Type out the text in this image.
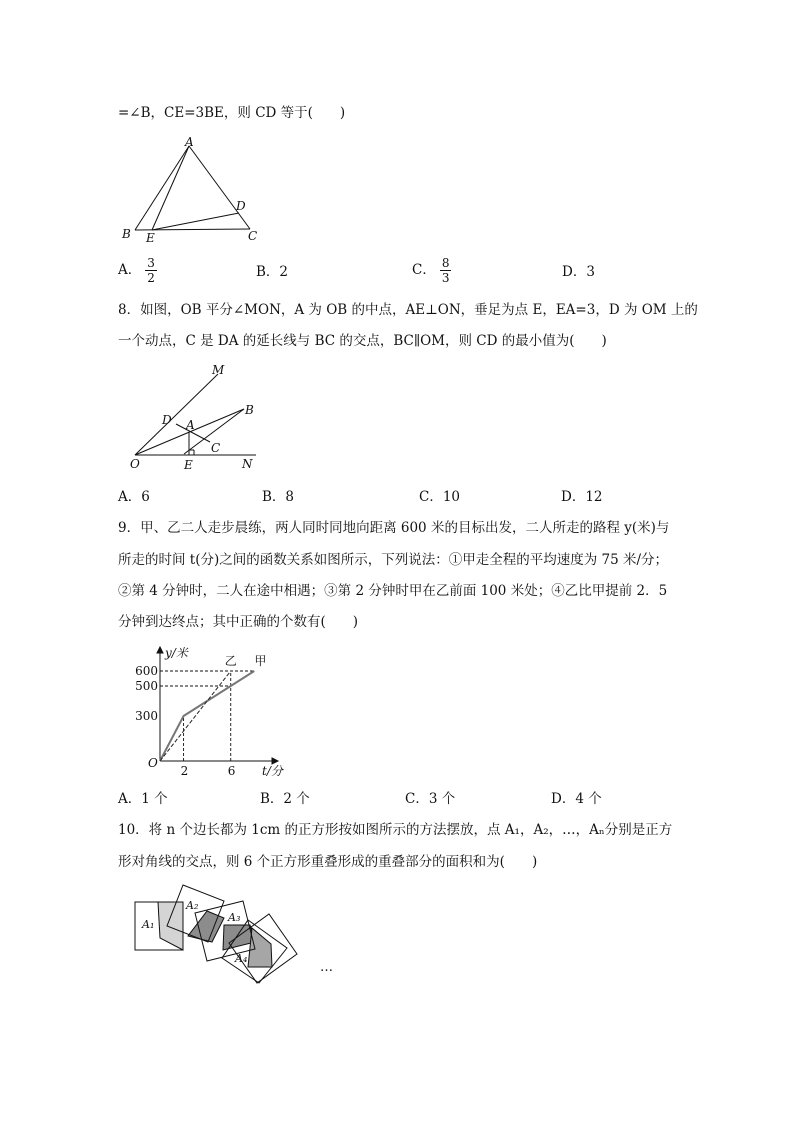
=∠B，CE=3BE，则 CD 等于(　　)
A
B	C
D
E
A． $\frac{3}{2}$	B．2	C． $\frac{8}{3}$	D．3
8．如图，OB 平分∠MON，A 为 OB 的中点，AE⊥ON，垂足为点 E，EA=3，D 为 OM 上的
一个动点，C 是 DA 的延长线与 BC 的交点，BC∥OM，则 CD 的最小值为(　　)
M
B
D A
C
O	E	N
A．6	B．8	C．10	D．12
9．甲、乙二人走步晨练，两人同时同地向距离 600 米的目标出发，二人所走的路程 y(米)与
所走的时间 t(分)之间的函数关系如图所示，下列说法：①甲走全程的平均速度为 75 米/分；
②第 4 分钟时，二人在途中相遇；③第 2 分钟时甲在乙前面 100 米处；④乙比甲提前 2．5
分钟到达终点；其中正确的个数有(　　)
甲
乙
2	6
300
500
600
O
y/米
t/分
A．1 个	B．2 个	C．3 个	D．4 个
10．将 n 个边长都为 1cm 的正方形按如图所示的方法摆放，点 A₁，A₂，…，Aₙ分别是正方
形对角线的交点，则 6 个正方形重叠形成的重叠部分的面积和为(　　)
A₁
A₂
A₃
A₄
…
